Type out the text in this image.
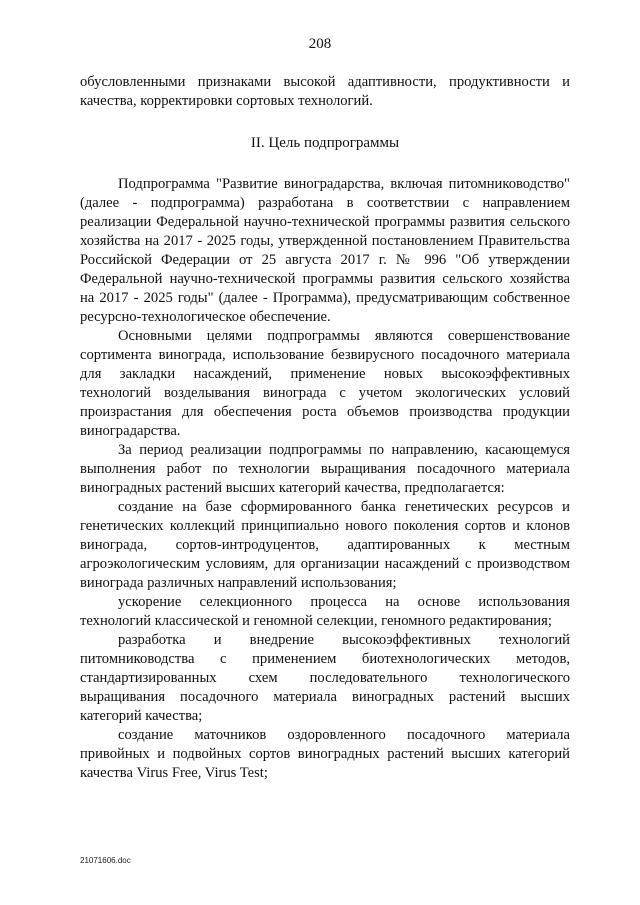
208

обусловленными признаками высокой адаптивности, продуктивности и качества, корректировки сортовых технологий.

II. Цель подпрограммы

Подпрограмма "Развитие виноградарства, включая питомниководство" (далее - подпрограмма) разработана в соответствии с направлением реализации Федеральной научно-технической программы развития сельского хозяйства на 2017 - 2025 годы, утвержденной постановлением Правительства Российской Федерации от 25 августа 2017 г. № 996 "Об утверждении Федеральной научно-технической программы развития сельского хозяйства на 2017 - 2025 годы" (далее - Программа), предусматривающим собственное ресурсно-технологическое обеспечение.

Основными целями подпрограммы являются совершенствование сортимента винограда, использование безвирусного посадочного материала для закладки насаждений, применение новых высокоэффективных технологий возделывания винограда с учетом экологических условий произрастания для обеспечения роста объемов производства продукции виноградарства.

За период реализации подпрограммы по направлению, касающемуся выполнения работ по технологии выращивания посадочного материала виноградных растений высших категорий качества, предполагается:

создание на базе сформированного банка генетических ресурсов и генетических коллекций принципиально нового поколения сортов и клонов винограда, сортов-интродуцентов, адаптированных к местным агроэкологическим условиям, для организации насаждений с производством винограда различных направлений использования;

ускорение селекционного процесса на основе использования технологий классической и геномной селекции, геномного редактирования;

разработка и внедрение высокоэффективных технологий питомниководства с применением биотехнологических методов, стандартизированных схем последовательного технологического выращивания посадочного материала виноградных растений высших категорий качества;

создание маточников оздоровленного посадочного материала привойных и подвойных сортов виноградных растений высших категорий качества Virus Free, Virus Test;

21071606.doc
